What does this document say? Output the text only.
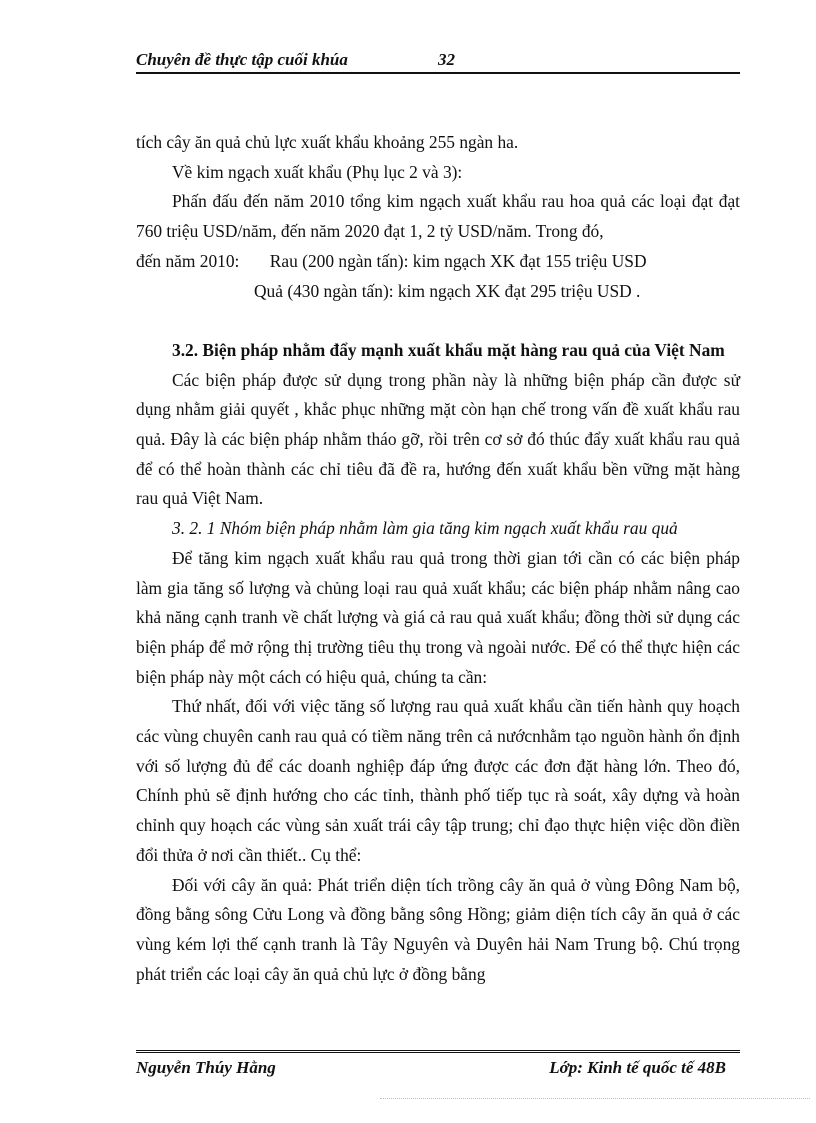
Chuyên đề thực tập cuối khúa	32

tích cây ăn quả chủ lực xuất khẩu khoảng 255 ngàn ha.

Về kim ngạch xuất khẩu (Phụ lục 2 và 3):

Phấn đấu đến năm 2010 tổng kim ngạch xuất khẩu rau hoa quả các loại đạt đạt 760 triệu USD/năm, đến năm 2020 đạt 1, 2 tỷ USD/năm. Trong đó,

đến năm 2010:       Rau (200 ngàn tấn): kim ngạch XK đạt 155 triệu USD

Quả (430 ngàn tấn): kim ngạch XK đạt 295 triệu USD .

3.2. Biện pháp nhằm đẩy mạnh xuất khẩu mặt hàng rau quả của Việt Nam

Các biện pháp được sử dụng trong phần này là những biện pháp cần được sử dụng nhằm giải quyết , khắc phục những mặt còn hạn chế trong vấn đề xuất khẩu rau quả. Đây là các biện pháp nhằm tháo gỡ, rồi trên cơ sở đó thúc đẩy xuất khẩu rau quả để có thể hoàn thành các chỉ tiêu đã đề ra, hướng đến xuất khẩu bền vững mặt hàng rau quả Việt Nam.

3. 2. 1 Nhóm biện pháp nhằm làm gia tăng kim ngạch xuất khẩu rau quả

Để tăng kim ngạch xuất khẩu rau quả trong thời gian tới cần có các biện pháp làm gia tăng số lượng và chủng loại rau quả xuất khẩu; các biện pháp nhằm nâng cao khả năng cạnh tranh về chất lượng và giá cả rau quả xuất khẩu; đồng thời sử dụng các biện pháp để mở rộng thị trường tiêu thụ trong và ngoài nước. Để có thể thực hiện các biện pháp này một cách có hiệu quả, chúng ta cần:

Thứ nhất, đối với việc tăng số lượng rau quả xuất khẩu cần tiến hành quy hoạch các vùng chuyên canh rau quả có tiềm năng trên cả nướcnhằm tạo nguồn hành ổn định với số lượng đủ để các doanh nghiệp đáp ứng được các đơn đặt hàng lớn. Theo đó, Chính phủ sẽ định hướng cho các tỉnh, thành phố tiếp tục rà soát, xây dựng và hoàn chỉnh quy hoạch các vùng sản xuất trái cây tập trung; chỉ đạo thực hiện việc dồn điền đổi thửa ở nơi cần thiết.. Cụ thể:

Đối với cây ăn quả: Phát triển diện tích trồng cây ăn quả ở vùng Đông Nam bộ, đồng bằng sông Cửu Long và đồng bằng sông Hồng; giảm diện tích cây ăn quả ở các vùng kém lợi thế cạnh tranh là Tây Nguyên và Duyên hải Nam Trung bộ. Chú trọng phát triển các loại cây ăn quả chủ lực ở đồng bằng

Nguyễn Thúy Hằng	Lớp: Kinh tế quốc tế 48B
